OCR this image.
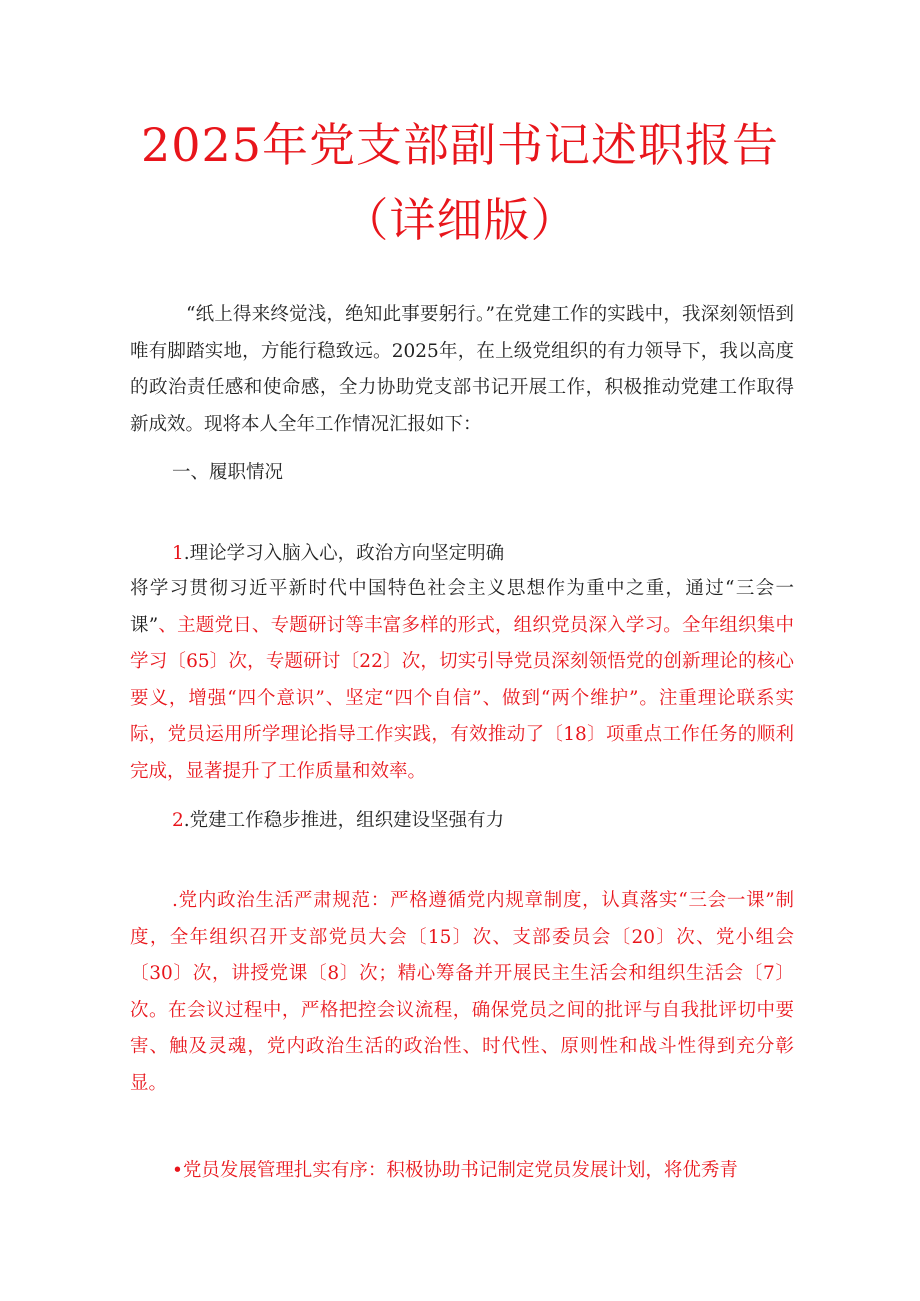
2025年党支部副书记述职报告
（详细版）

“纸上得来终觉浅，绝知此事要躬行。”在党建工作的实践中，我深刻领悟到唯有脚踏实地，方能行稳致远。2025年，在上级党组织的有力领导下，我以高度的政治责任感和使命感，全力协助党支部书记开展工作，积极推动党建工作取得新成效。现将本人全年工作情况汇报如下：

一、履职情况

1.理论学习入脑入心，政治方向坚定明确

将学习贯彻习近平新时代中国特色社会主义思想作为重中之重，通过“三会一课”、主题党日、专题研讨等丰富多样的形式，组织党员深入学习。全年组织集中学习〔65〕次，专题研讨〔22〕次，切实引导党员深刻领悟党的创新理论的核心要义，增强“四个意识”、坚定“四个自信”、做到“两个维护”。注重理论联系实际，党员运用所学理论指导工作实践，有效推动了〔18〕项重点工作任务的顺利完成，显著提升了工作质量和效率。

2.党建工作稳步推进，组织建设坚强有力

.党内政治生活严肃规范：严格遵循党内规章制度，认真落实“三会一课”制度，全年组织召开支部党员大会〔15〕次、支部委员会〔20〕次、党小组会〔30〕次，讲授党课〔8〕次；精心筹备并开展民主生活会和组织生活会〔7〕次。在会议过程中，严格把控会议流程，确保党员之间的批评与自我批评切中要害、触及灵魂，党内政治生活的政治性、时代性、原则性和战斗性得到充分彰显。

•党员发展管理扎实有序：积极协助书记制定党员发展计划，将优秀青
